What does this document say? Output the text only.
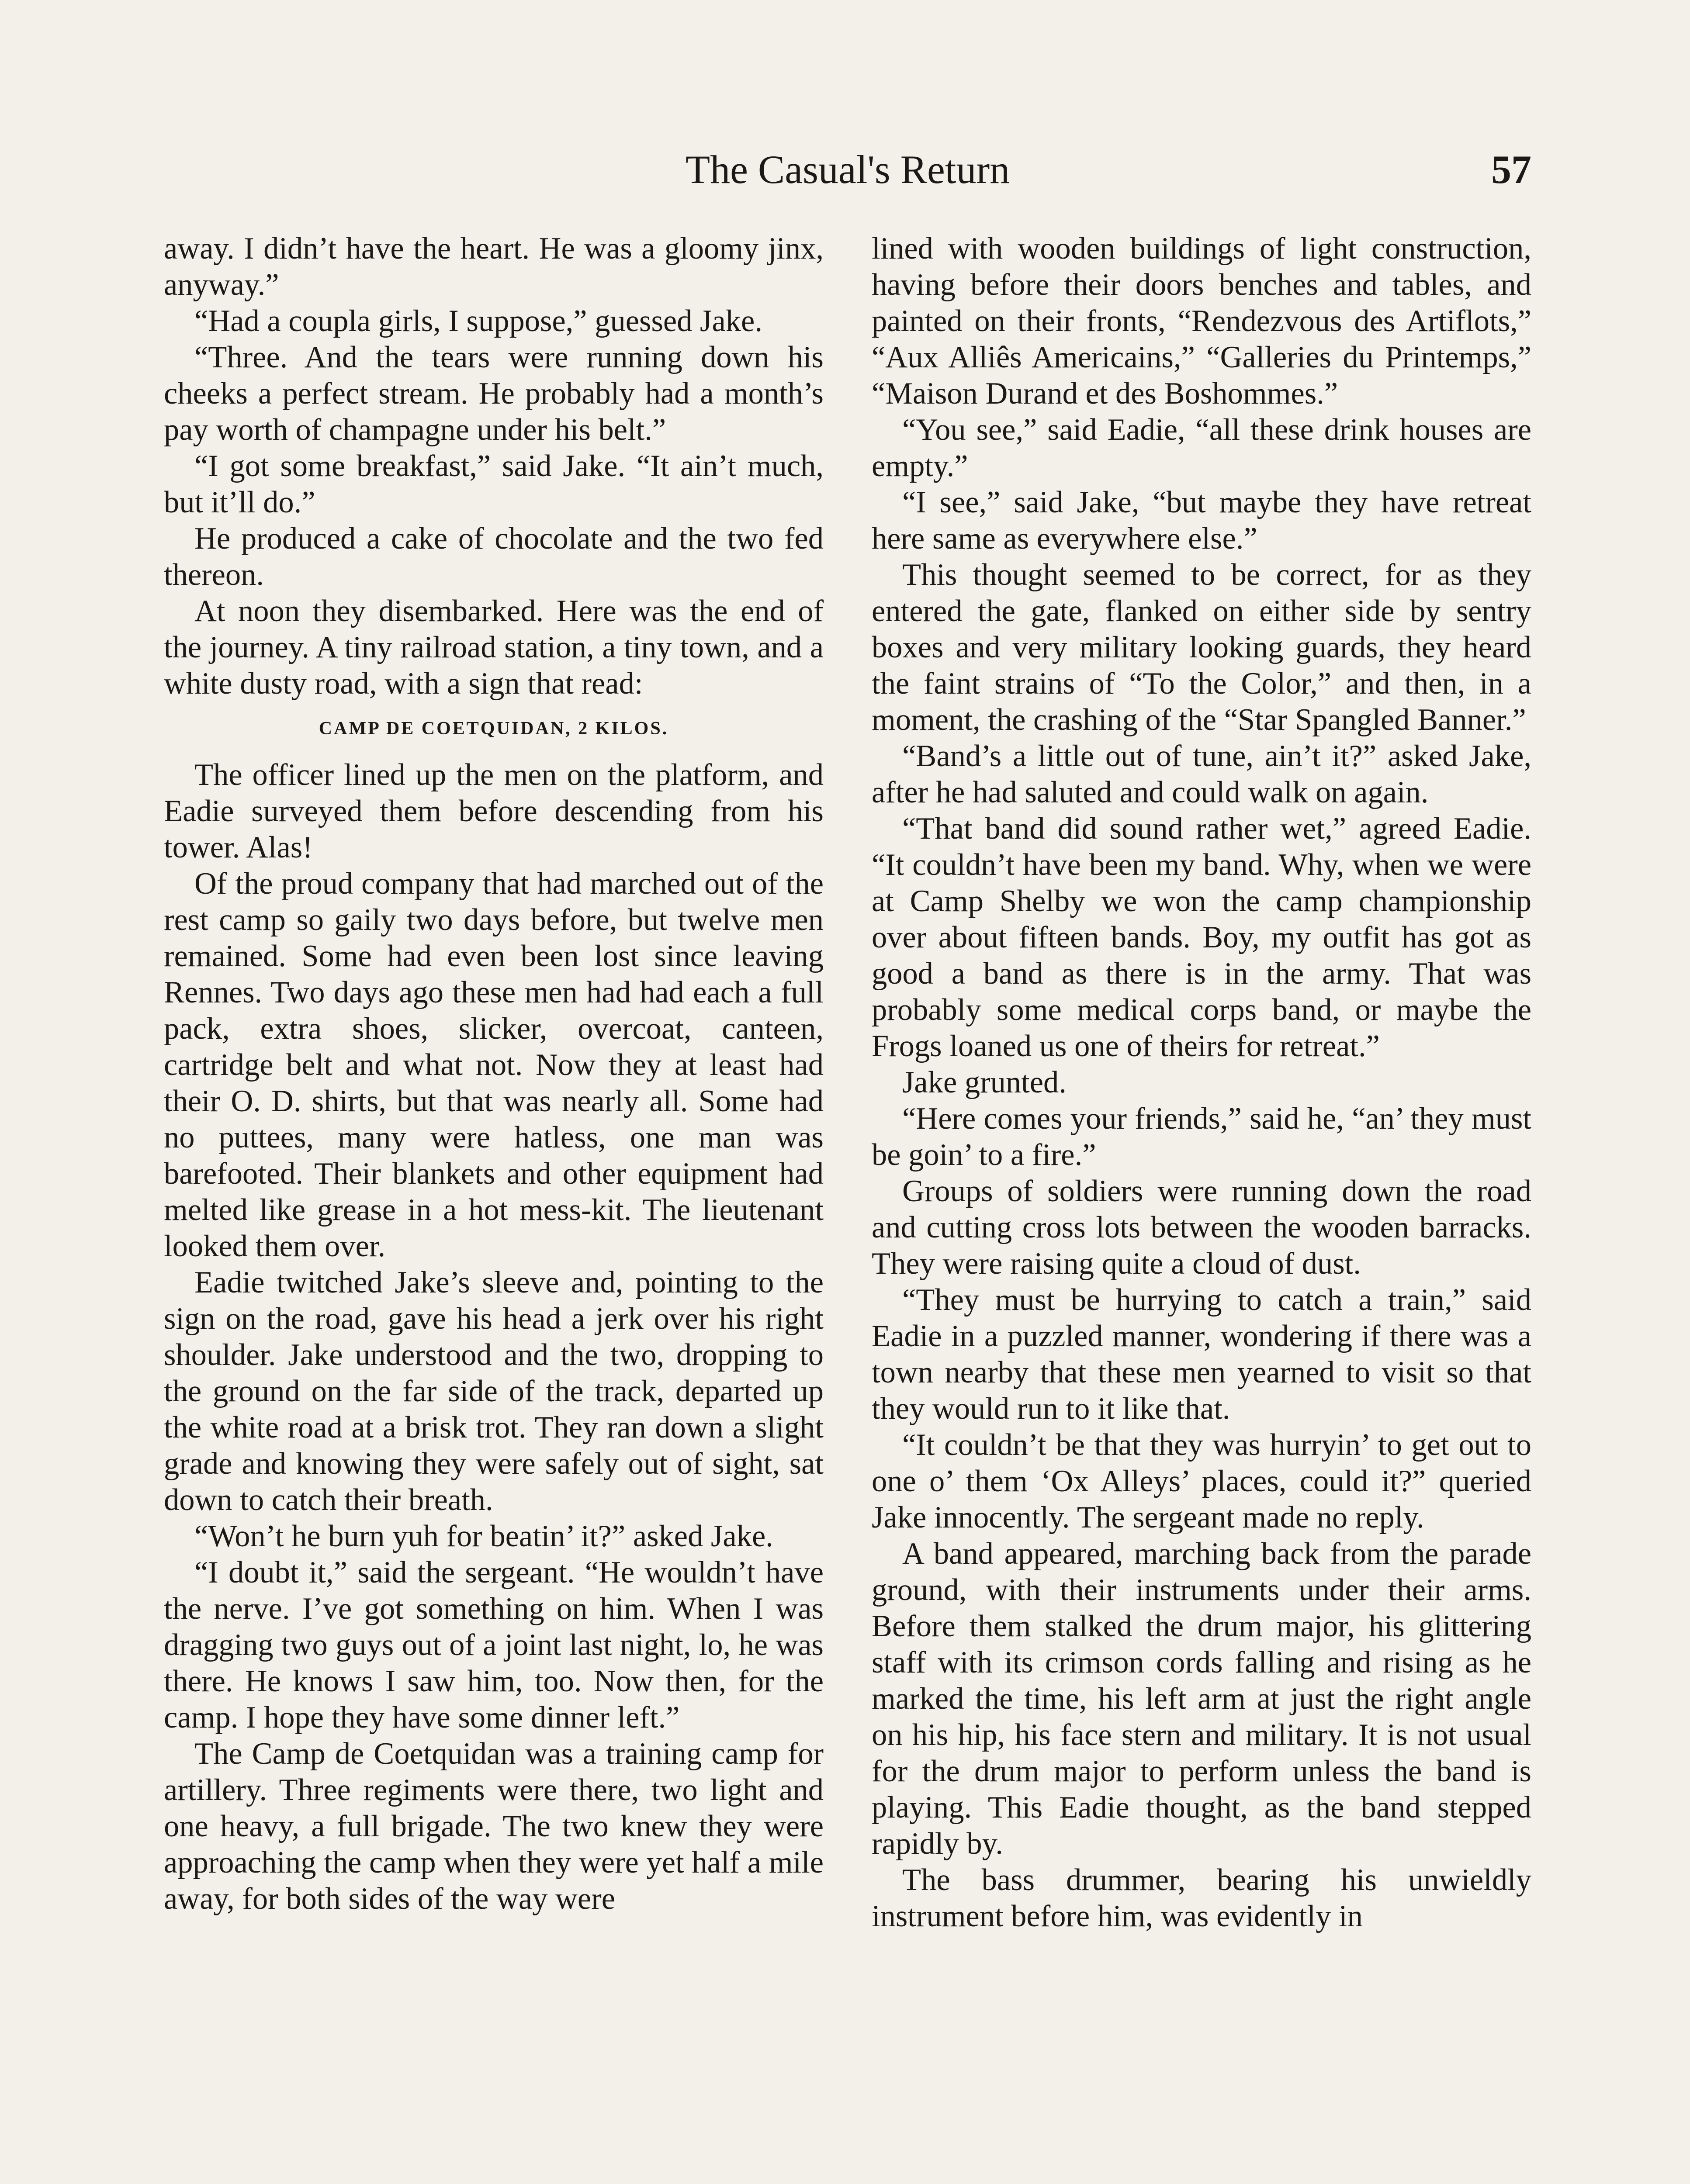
The Casual's Return	57

away. I didn’t have the heart. He was a gloomy jinx, anyway.”

“Had a coupla girls, I suppose,” guessed Jake.

“Three. And the tears were running down his cheeks a perfect stream. He probably had a month’s pay worth of champagne under his belt.”

“I got some breakfast,” said Jake. “It ain’t much, but it’ll do.”

He produced a cake of chocolate and the two fed thereon.

At noon they disembarked. Here was the end of the journey. A tiny railroad station, a tiny town, and a white dusty road, with a sign that read:

CAMP DE COETQUIDAN, 2 KILOS.

The officer lined up the men on the platform, and Eadie surveyed them before descending from his tower. Alas!

Of the proud company that had marched out of the rest camp so gaily two days before, but twelve men remained. Some had even been lost since leaving Rennes. Two days ago these men had had each a full pack, extra shoes, slicker, overcoat, canteen, cartridge belt and what not. Now they at least had their O. D. shirts, but that was nearly all. Some had no puttees, many were hatless, one man was barefooted. Their blankets and other equipment had melted like grease in a hot mess-kit. The lieutenant looked them over.

Eadie twitched Jake’s sleeve and, pointing to the sign on the road, gave his head a jerk over his right shoulder. Jake understood and the two, dropping to the ground on the far side of the track, departed up the white road at a brisk trot. They ran down a slight grade and knowing they were safely out of sight, sat down to catch their breath.

“Won’t he burn yuh for beatin’ it?” asked Jake.

“I doubt it,” said the sergeant. “He wouldn’t have the nerve. I’ve got something on him. When I was dragging two guys out of a joint last night, lo, he was there. He knows I saw him, too. Now then, for the camp. I hope they have some dinner left.”

The Camp de Coetquidan was a training camp for artillery. Three regiments were there, two light and one heavy, a full brigade. The two knew they were approaching the camp when they were yet half a mile away, for both sides of the way were

lined with wooden buildings of light construction, having before their doors benches and tables, and painted on their fronts, “Rendezvous des Artiflots,” “Aux Alliês Americains,” “Galleries du Printemps,” “Maison Durand et des Boshommes.”

“You see,” said Eadie, “all these drink houses are empty.”

“I see,” said Jake, “but maybe they have retreat here same as everywhere else.”

This thought seemed to be correct, for as they entered the gate, flanked on either side by sentry boxes and very military looking guards, they heard the faint strains of “To the Color,” and then, in a moment, the crashing of the “Star Spangled Banner.”

“Band’s a little out of tune, ain’t it?” asked Jake, after he had saluted and could walk on again.

“That band did sound rather wet,” agreed Eadie. “It couldn’t have been my band. Why, when we were at Camp Shelby we won the camp championship over about fifteen bands. Boy, my outfit has got as good a band as there is in the army. That was probably some medical corps band, or maybe the Frogs loaned us one of theirs for retreat.”

Jake grunted.

“Here comes your friends,” said he, “an’ they must be goin’ to a fire.”

Groups of soldiers were running down the road and cutting cross lots between the wooden barracks. They were raising quite a cloud of dust.

“They must be hurrying to catch a train,” said Eadie in a puzzled manner, wondering if there was a town nearby that these men yearned to visit so that they would run to it like that.

“It couldn’t be that they was hurryin’ to get out to one o’ them ‘Ox Alleys’ places, could it?” queried Jake innocently. The sergeant made no reply.

A band appeared, marching back from the parade ground, with their instruments under their arms. Before them stalked the drum major, his glittering staff with its crimson cords falling and rising as he marked the time, his left arm at just the right angle on his hip, his face stern and military. It is not usual for the drum major to perform unless the band is playing. This Eadie thought, as the band stepped rapidly by.

The bass drummer, bearing his unwieldly instrument before him, was evidently in
